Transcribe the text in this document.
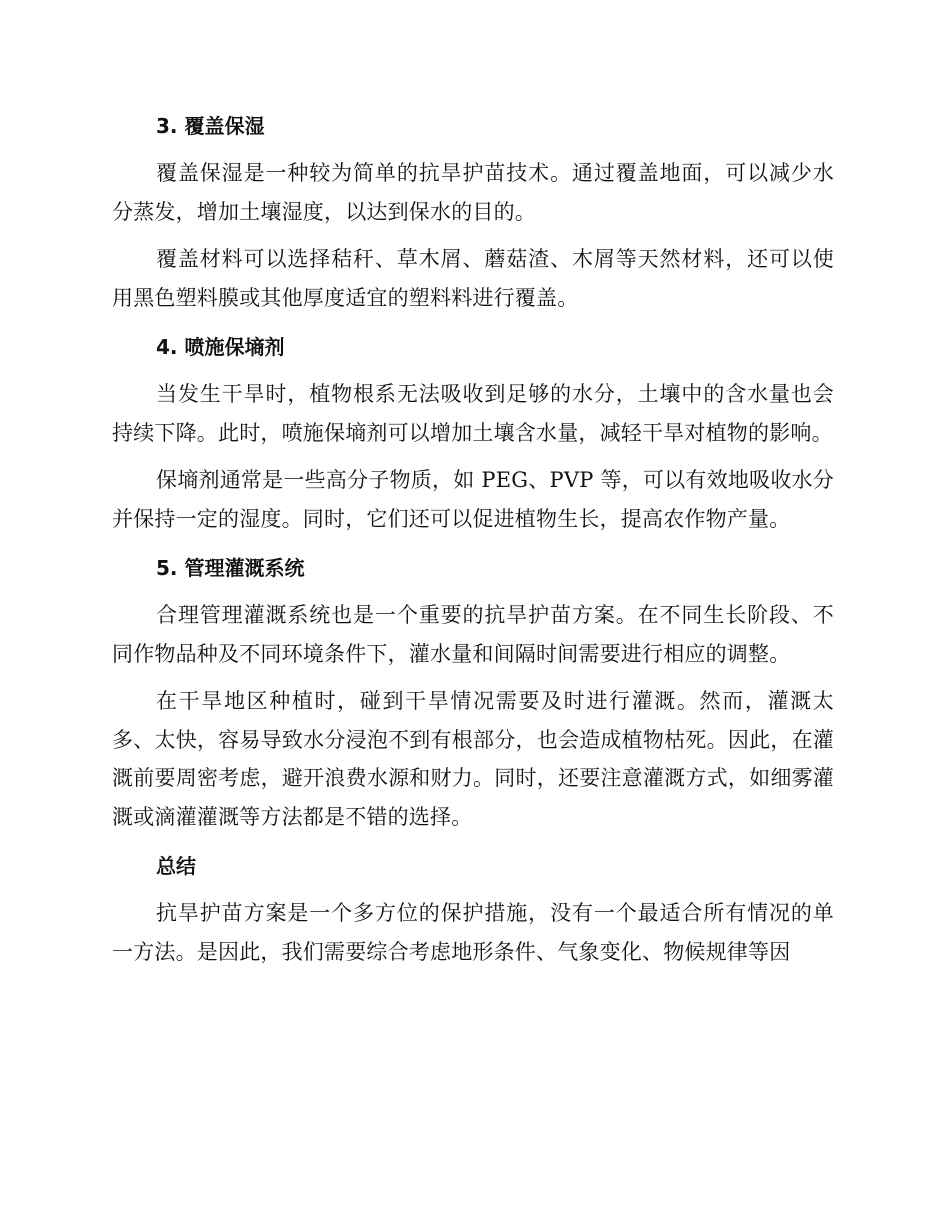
3. 覆盖保湿

覆盖保湿是一种较为简单的抗旱护苗技术。通过覆盖地面，可以减少水分蒸发，增加土壤湿度，以达到保水的目的。

覆盖材料可以选择秸秆、草木屑、蘑菇渣、木屑等天然材料，还可以使用黑色塑料膜或其他厚度适宜的塑料料进行覆盖。

4. 喷施保墒剂

当发生干旱时，植物根系无法吸收到足够的水分，土壤中的含水量也会持续下降。此时，喷施保墒剂可以增加土壤含水量，减轻干旱对植物的影响。

保墒剂通常是一些高分子物质，如 PEG、PVP 等，可以有效地吸收水分并保持一定的湿度。同时，它们还可以促进植物生长，提高农作物产量。

5. 管理灌溉系统

合理管理灌溉系统也是一个重要的抗旱护苗方案。在不同生长阶段、不同作物品种及不同环境条件下，灌水量和间隔时间需要进行相应的调整。

在干旱地区种植时，碰到干旱情况需要及时进行灌溉。然而，灌溉太多、太快，容易导致水分浸泡不到有根部分，也会造成植物枯死。因此，在灌溉前要周密考虑，避开浪费水源和财力。同时，还要注意灌溉方式，如细雾灌溉或滴灌灌溉等方法都是不错的选择。

总结

抗旱护苗方案是一个多方位的保护措施，没有一个最适合所有情况的单一方法。是因此，我们需要综合考虑地形条件、气象变化、物候规律等因
